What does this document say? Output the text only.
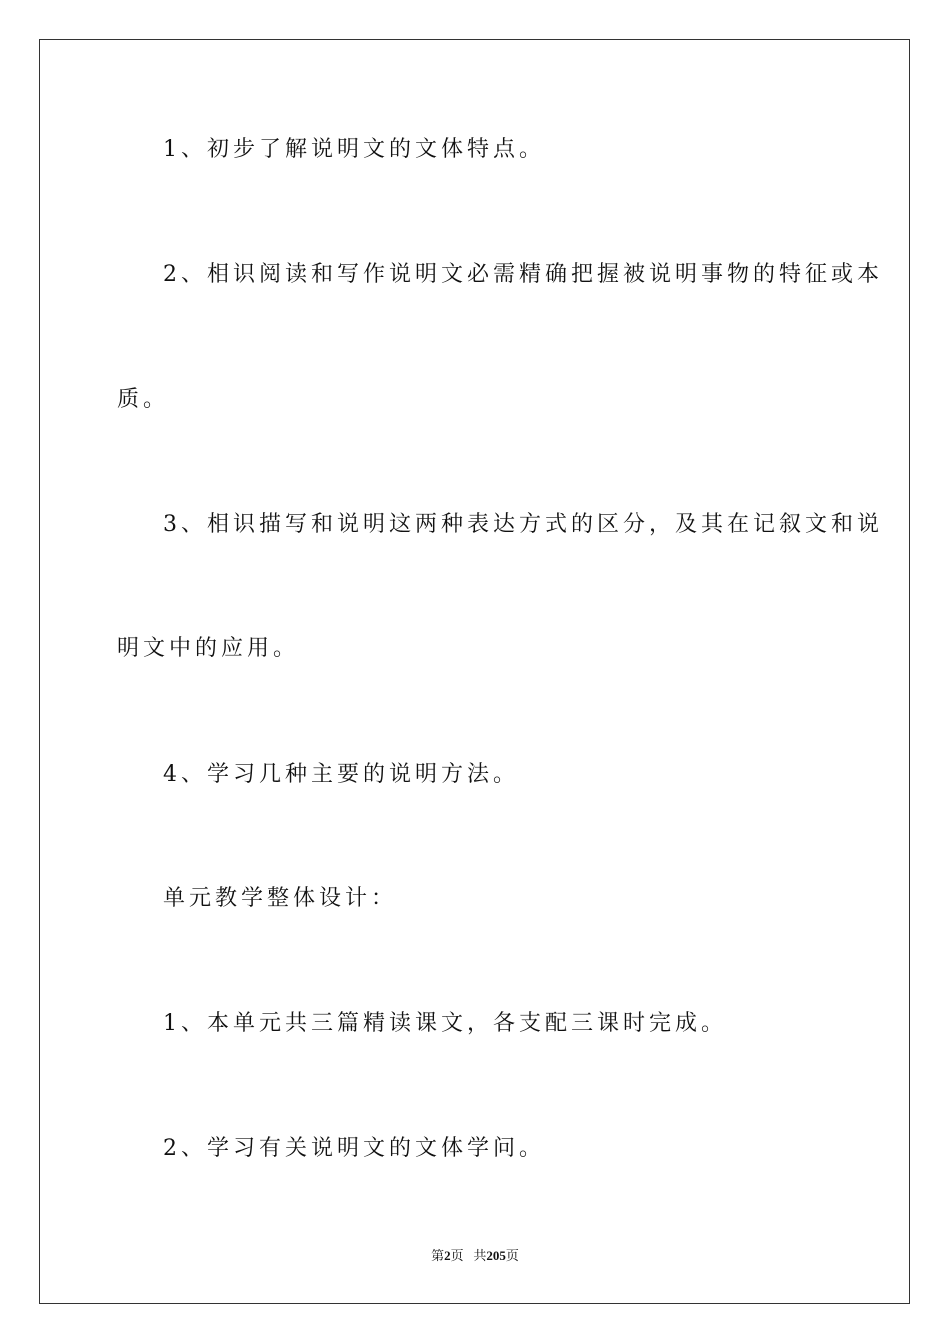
1、初步了解说明文的文体特点。
2、相识阅读和写作说明文必需精确把握被说明事物的特征或本
质。
3、相识描写和说明这两种表达方式的区分，及其在记叙文和说
明文中的应用。
4、学习几种主要的说明方法。
单元教学整体设计：
1、本单元共三篇精读课文，各支配三课时完成。
2、学习有关说明文的文体学问。
第2页 共205页
